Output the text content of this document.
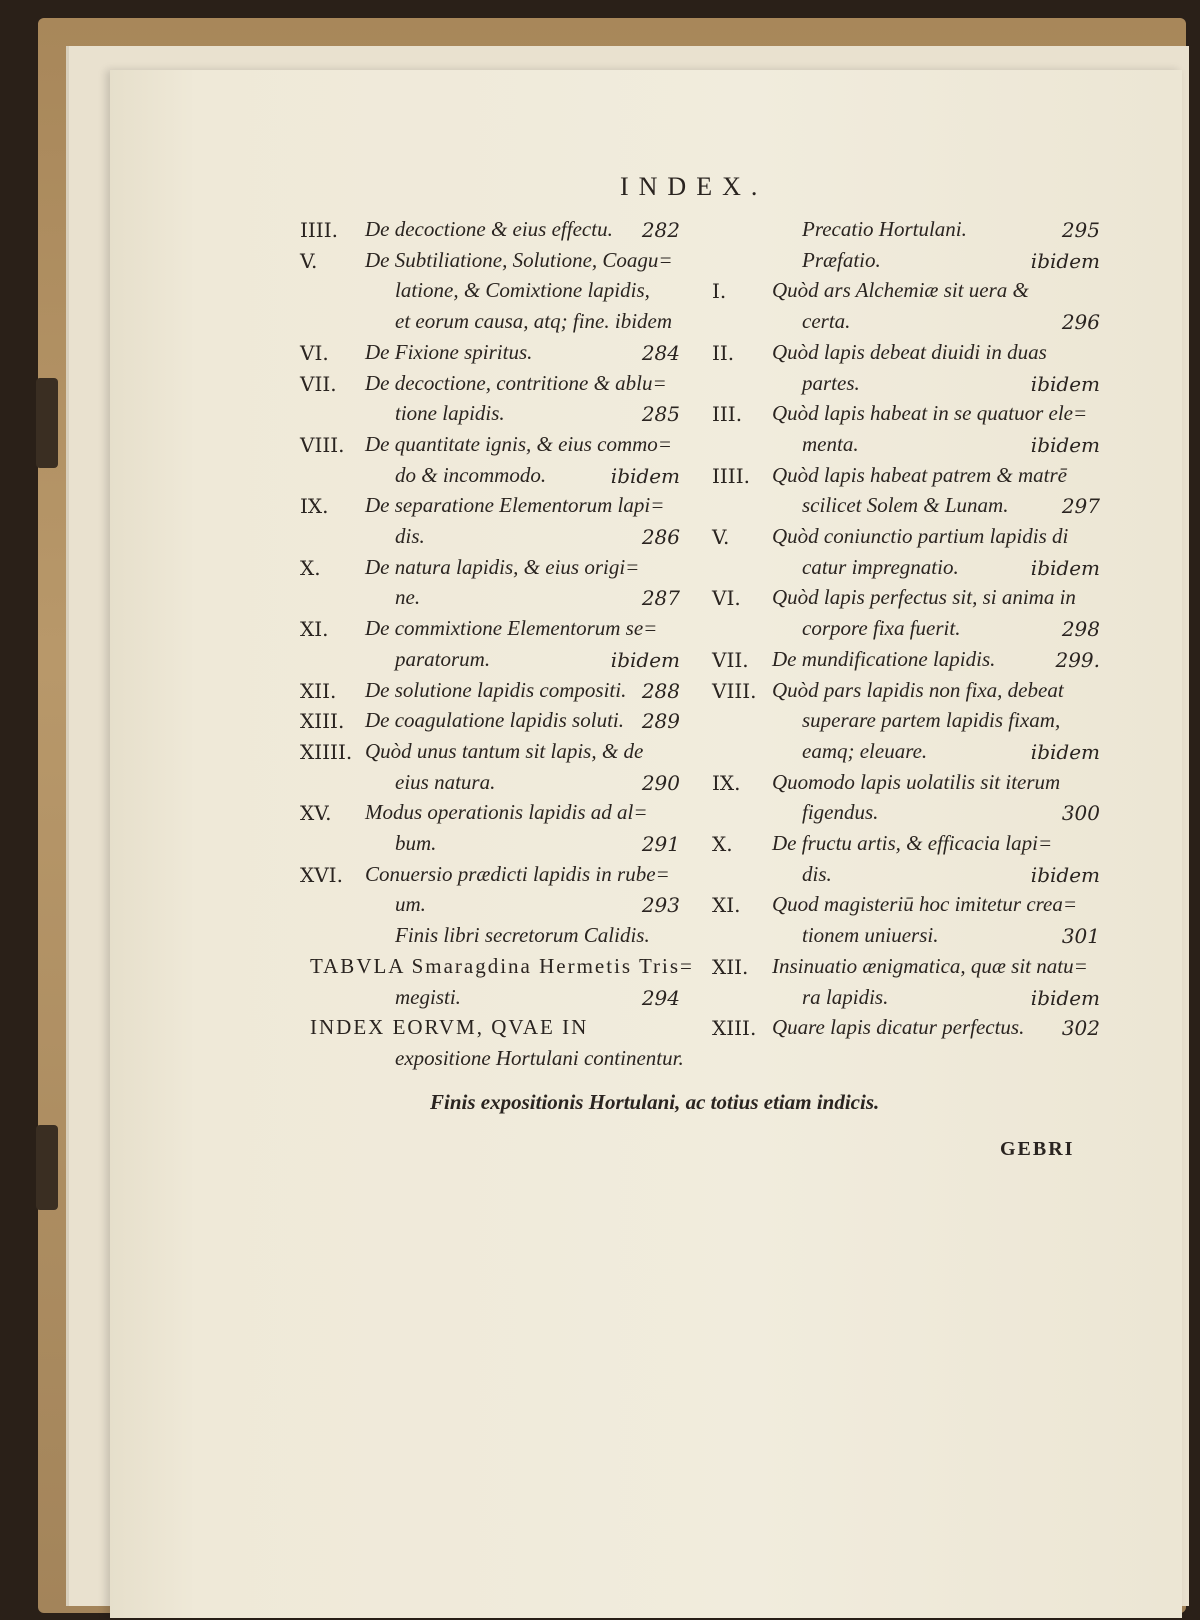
INDEX.
IIII. De decoctione & eius effectu. 282
V. De Subtiliatione, Solutione, Coagu=
latione, & Comixtione lapidis,
et eorum causa, atq; fine. ibidem
VI. De Fixione spiritus.	284
VII. De decoctione, contritione & ablu=
tione lapidis.	285
VIII. De quantitate ignis, & eius commo=
do & incommodo.	ibidem
IX. De separatione Elementorum lapi=
dis.	286
X. De natura lapidis, & eius origi=
ne.	287
XI. De commixtione Elementorum se=
paratorum.	ibidem
XII. De solutione lapidis compositi. 288
XIII. De coagulatione lapidis soluti. 289
XIIII. Quòd unus tantum sit lapis, & de
eius natura.	290
XV. Modus operationis lapidis ad al=
bum.	291
XVI. Conuersio prædicti lapidis in rube=
um.	293
Finis libri secretorum Calidis.
TABVLA Smaragdina Hermetis Tris=
megisti.	294
INDEX EORVM, QVAE IN
expositione Hortulani continentur.
Precatio Hortulani.	295
Præfatio.	ibidem
I. Quòd ars Alchemiæ sit uera &
certa.	296
II. Quòd lapis debeat diuidi in duas
partes.	ibidem
III. Quòd lapis habeat in se quatuor ele=
menta.	ibidem
IIII. Quòd lapis habeat patrem & matrē
scilicet Solem & Lunam.	297
V. Quòd coniunctio partium lapidis di
catur impregnatio.	ibidem
VI. Quòd lapis perfectus sit, si anima in
corpore fixa fuerit.	298
VII. De mundificatione lapidis.	299.
VIII. Quòd pars lapidis non fixa, debeat
superare partem lapidis fixam,
eamq; eleuare.	ibidem
IX. Quomodo lapis uolatilis sit iterum
figendus.	300
X. De fructu artis, & efficacia lapi=
dis.	ibidem
XI. Quod magisteriū hoc imitetur crea=
tionem uniuersi.	301
XII. Insinuatio ænigmatica, quæ sit natu=
ra lapidis.	ibidem
XIII. Quare lapis dicatur perfectus. 302
Finis expositionis Hortulani, ac totius etiam indicis.
GEBRI
